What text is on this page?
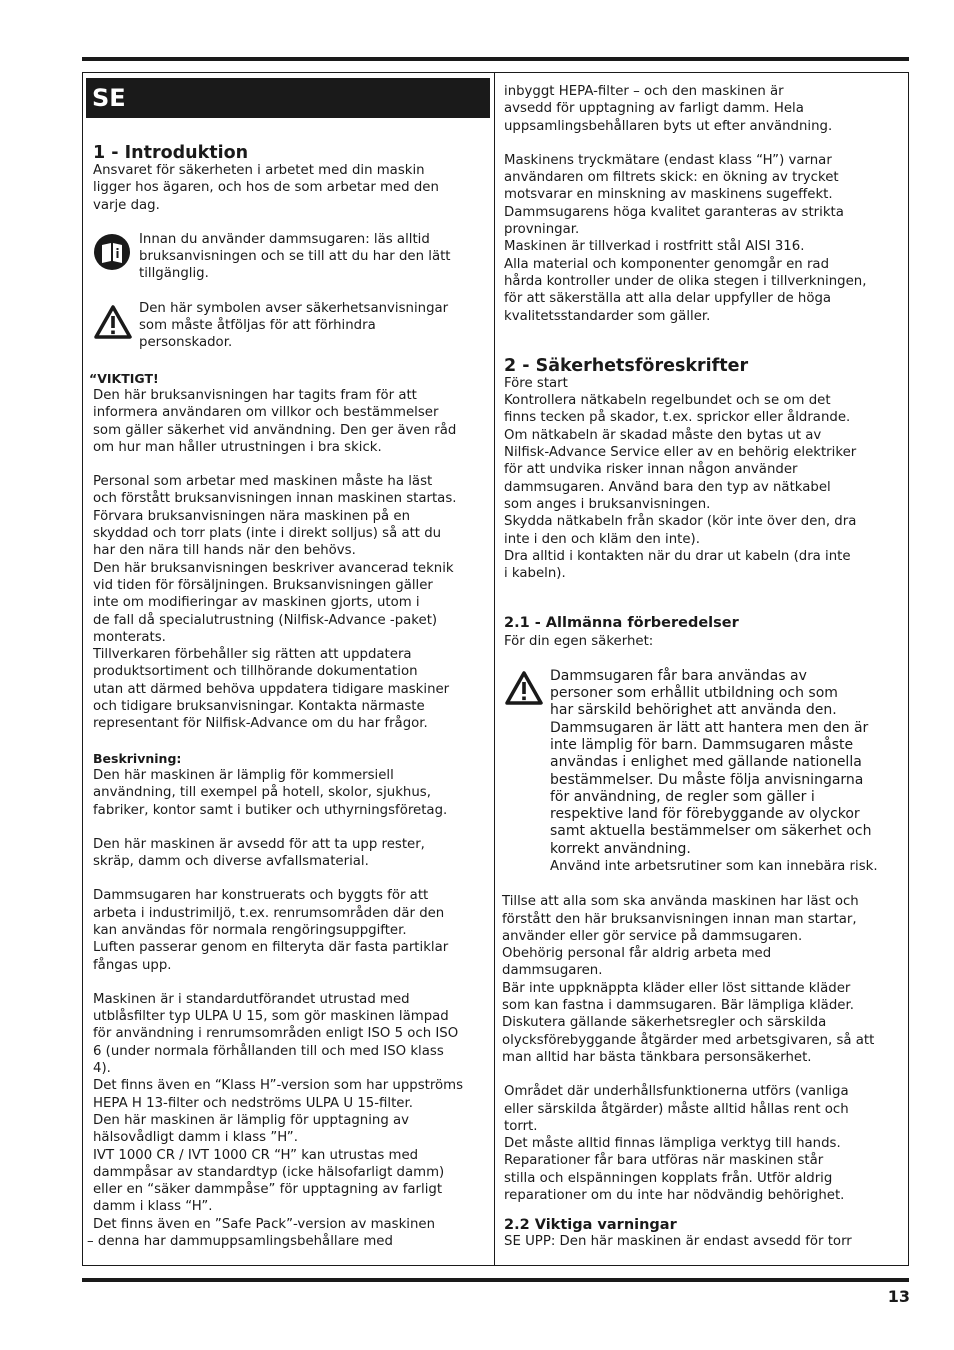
SE
1 - Introduktion

Ansvaret för säkerheten i arbetet med din maskin

ligger hos ägaren, och hos de som arbetar med den

varje dag.

Innan du använder dammsugaren: läs alltid

bruksanvisningen och se till att du har den lätt

tillgänglig.

Den här symbolen avser säkerhetsanvisningar

som måste åtföljas för att förhindra

personskador.

“VIKTIGT!

Den här bruksanvisningen har tagits fram för att

informera användaren om villkor och bestämmelser

som gäller säkerhet vid användning. Den ger även råd

om hur man håller utrustningen i bra skick.

Personal som arbetar med maskinen måste ha läst

och förstått bruksanvisningen innan maskinen startas.

Förvara bruksanvisningen nära maskinen på en

skyddad och torr plats (inte i direkt solljus) så att du

har den nära till hands när den behövs.

Den här bruksanvisningen beskriver avancerad teknik

vid tiden för försäljningen. Bruksanvisningen gäller

inte om modifieringar av maskinen gjorts, utom i

de fall då specialutrustning (Nilfisk-Advance -paket)

monterats.

Tillverkaren förbehåller sig rätten att uppdatera

produktsortiment och tillhörande dokumentation

utan att därmed behöva uppdatera tidigare maskiner

och tidigare bruksanvisningar. Kontakta närmaste

representant för Nilfisk-Advance om du har frågor.

Beskrivning:

Den här maskinen är lämplig för kommersiell

användning, till exempel på hotell, skolor, sjukhus,

fabriker, kontor samt i butiker och uthyrningsföretag.

Den här maskinen är avsedd för att ta upp rester,

skräp, damm och diverse avfallsmaterial.

Dammsugaren har konstruerats och byggts för att

arbeta i industrimiljö, t.ex. renrumsområden där den

kan användas för normala rengöringsuppgifter.

Luften passerar genom en filteryta där fasta partiklar

fångas upp.

Maskinen är i standardutförandet utrustad med

utblåsfilter typ ULPA U 15, som gör maskinen lämpad

för användning i renrumsområden enligt ISO 5 och ISO

6 (under normala förhållanden till och med ISO klass

4).

Det finns även en “Klass H”-version som har uppströms

HEPA H 13-filter och nedströms ULPA U 15-filter.

Den här maskinen är lämplig för upptagning av

hälsovådligt damm i klass ”H”.

IVT 1000 CR / IVT 1000 CR “H” kan utrustas med

dammpåsar av standardtyp (icke hälsofarligt damm)

eller en “säker dammpåse” för upptagning av farligt

damm i klass “H”.

Det finns även en ”Safe Pack”-version av maskinen

– denna har dammuppsamlingsbehållare med

inbyggt HEPA-filter – och den maskinen är

avsedd för upptagning av farligt damm. Hela

uppsamlingsbehållaren byts ut efter användning.

Maskinens tryckmätare (endast klass “H”) varnar

användaren om filtrets skick: en ökning av trycket

motsvarar en minskning av maskinens sugeffekt.

Dammsugarens höga kvalitet garanteras av strikta

provningar.

Maskinen är tillverkad i rostfritt stål AISI 316.

Alla material och komponenter genomgår en rad

hårda kontroller under de olika stegen i tillverkningen,

för att säkerställa att alla delar uppfyller de höga

kvalitetsstandarder som gäller.

2 - Säkerhetsföreskrifter

Före start

Kontrollera nätkabeln regelbundet och se om det

finns tecken på skador, t.ex. sprickor eller åldrande.

Om nätkabeln är skadad måste den bytas ut av

Nilfisk-Advance Service eller av en behörig elektriker

för att undvika risker innan någon använder

dammsugaren. Använd bara den typ av nätkabel

som anges i bruksanvisningen.

Skydda nätkabeln från skador (kör inte över den, dra

inte i den och kläm den inte).

Dra alltid i kontakten när du drar ut kabeln (dra inte

i kabeln).

2.1 - Allmänna förberedelser

För din egen säkerhet:

Dammsugaren får bara användas av

personer som erhållit utbildning och som

har särskild behörighet att använda den.

Dammsugaren är lätt att hantera men den är

inte lämplig för barn. Dammsugaren måste

användas i enlighet med gällande nationella

bestämmelser. Du måste följa anvisningarna

för användning, de regler som gäller i

respektive land för förebyggande av olyckor

samt aktuella bestämmelser om säkerhet och

korrekt användning.

Använd inte arbetsrutiner som kan innebära risk.

Tillse att alla som ska använda maskinen har läst och

förstått den här bruksanvisningen innan man startar,

använder eller gör service på dammsugaren.

Obehörig personal får aldrig arbeta med

dammsugaren.

Bär inte uppknäppta kläder eller löst sittande kläder

som kan fastna i dammsugaren. Bär lämpliga kläder.

Diskutera gällande säkerhetsregler och särskilda

olycksförebyggande åtgärder med arbetsgivaren, så att

man alltid har bästa tänkbara personsäkerhet.

Området där underhållsfunktionerna utförs (vanliga

eller särskilda åtgärder) måste alltid hållas rent och

torrt.

Det måste alltid finnas lämpliga verktyg till hands.

Reparationer får bara utföras när maskinen står

stilla och elspänningen kopplats från. Utför aldrig

reparationer om du inte har nödvändig behörighet.

2.2 Viktiga varningar

SE UPP: Den här maskinen är endast avsedd för torr

13
